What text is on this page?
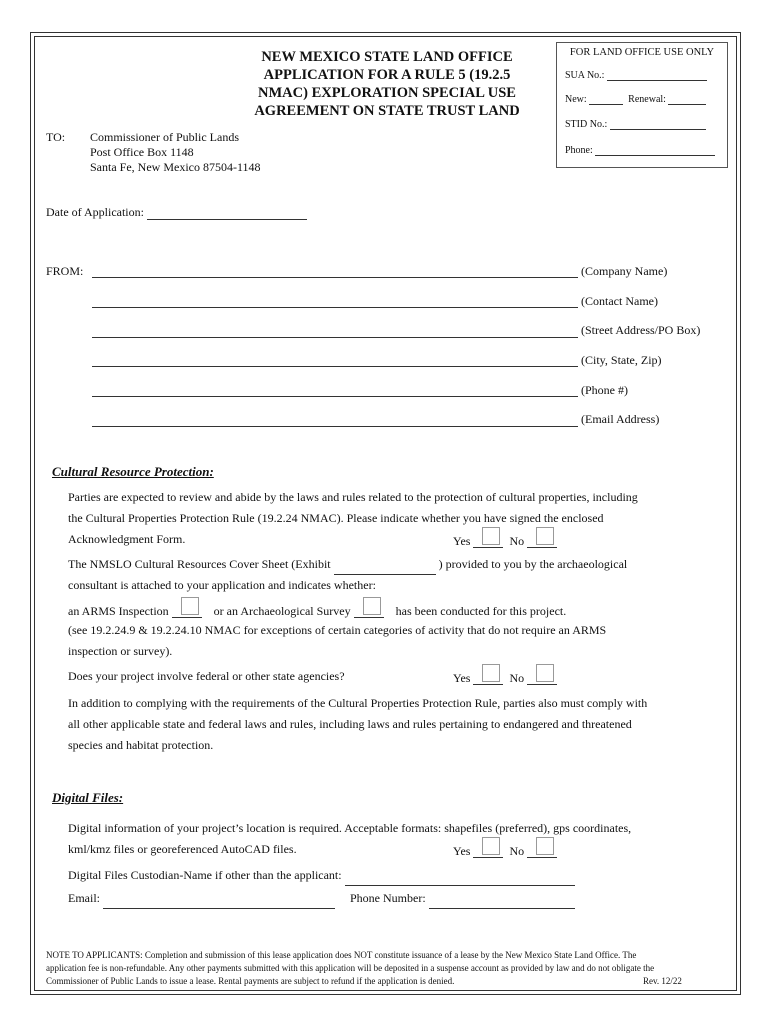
NEW MEXICO STATE LAND OFFICE
APPLICATION FOR A RULE 5 (19.2.5
NMAC) EXPLORATION SPECIAL USE
AGREEMENT ON STATE TRUST LAND
FOR LAND OFFICE USE ONLY
SUA No.:
New:	Renewal:
STID No.:
Phone:
TO: Commissioner of Public Lands
Post Office Box 1148
Santa Fe, New Mexico 87504-1148
Date of Application:
FROM:	(Company Name)
(Contact Name)
(Street Address/PO Box)
(City, State, Zip)
(Phone #)
(Email Address)
Cultural Resource Protection:
Parties are expected to review and abide by the laws and rules related to the protection of cultural properties, including
the Cultural Properties Protection Rule (19.2.24 NMAC). Please indicate whether you have signed the enclosed
Acknowledgment Form.	Yes	No
The NMSLO Cultural Resources Cover Sheet (Exhibit	) provided to you by the archaeological
consultant is attached to your application and indicates whether:
an ARMS Inspection	or an Archaeological Survey	has been conducted for this project.
(see 19.2.24.9 & 19.2.24.10 NMAC for exceptions of certain categories of activity that do not require an ARMS
inspection or survey).
Does your project involve federal or other state agencies?	Yes	No
In addition to complying with the requirements of the Cultural Properties Protection Rule, parties also must comply with
all other applicable state and federal laws and rules, including laws and rules pertaining to endangered and threatened
species and habitat protection.
Digital Files:
Digital information of your project’s location is required. Acceptable formats: shapefiles (preferred), gps coordinates,
kml/kmz files or georeferenced AutoCAD files.	Yes	No
Digital Files Custodian-Name if other than the applicant:
Email:	Phone Number:
NOTE TO APPLICANTS: Completion and submission of this lease application does NOT constitute issuance of a lease by the New Mexico State Land Office. The
application fee is non-refundable. Any other payments submitted with this application will be deposited in a suspense account as provided by law and do not obligate the
Commissioner of Public Lands to issue a lease. Rental payments are subject to refund if the application is denied.	Rev. 12/22
